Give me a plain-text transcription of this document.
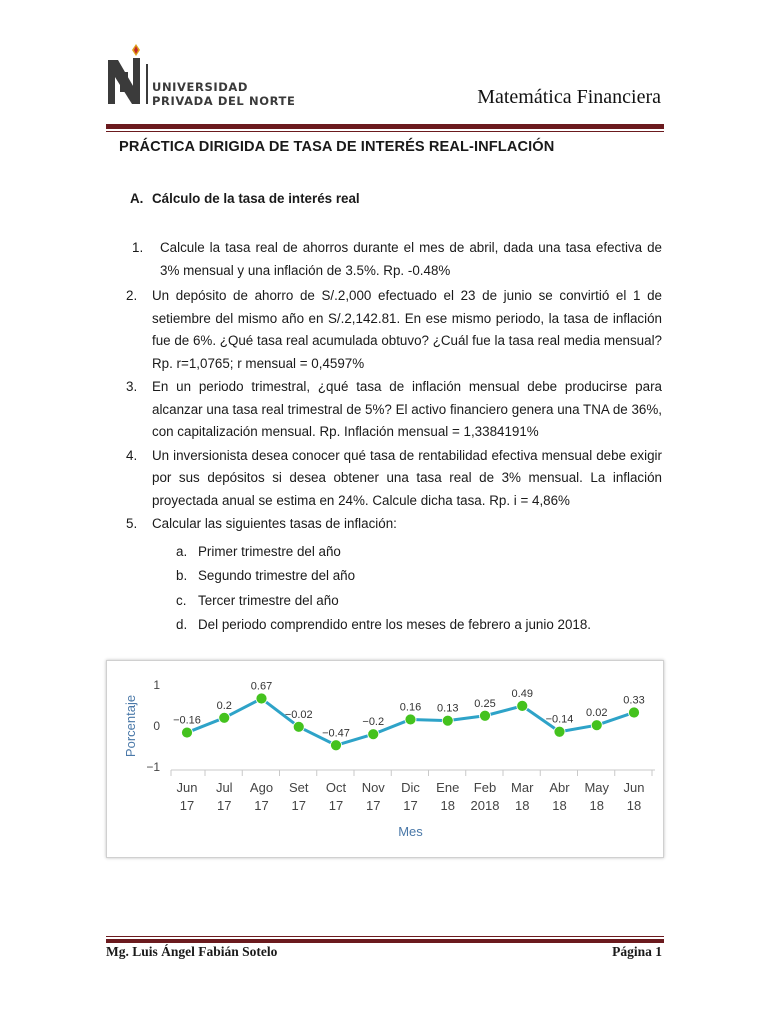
UNIVERSIDAD
PRIVADA DEL NORTE	Matemática Financiera
PRÁCTICA DIRIGIDA DE TASA DE INTERÉS REAL-INFLACIÓN
A. Cálculo de la tasa de interés real
1. Calcule la tasa real de ahorros durante el mes de abril, dada una tasa efectiva de 3% mensual y una inflación de 3.5%. Rp. -0.48%
2. Un depósito de ahorro de S/.2,000 efectuado el 23 de junio se convirtió el 1 de setiembre del mismo año en S/.2,142.81. En ese mismo periodo, la tasa de inflación fue de 6%. ¿Qué tasa real acumulada obtuvo? ¿Cuál fue la tasa real media mensual? Rp. r=1,0765; r mensual = 0,4597%
3. En un periodo trimestral, ¿qué tasa de inflación mensual debe producirse para alcanzar una tasa real trimestral de 5%? El activo financiero genera una TNA de 36%, con capitalización mensual. Rp. Inflación mensual = 1,3384191%
4. Un inversionista desea conocer qué tasa de rentabilidad efectiva mensual debe exigir por sus depósitos si desea obtener una tasa real de 3% mensual. La inflación proyectada anual se estima en 24%. Calcule dicha tasa. Rp. i = 4,86%
5. Calcular las siguientes tasas de inflación:
a. Primer trimestre del año
b. Segundo trimestre del año
c. Tercer trimestre del año
d. Del periodo comprendido entre los meses de febrero a junio 2018.
Porcentaje
1
0
−1
Jun
17
Jul
17
Ago
17
Set
17
Oct
17
Nov
17
Dic
17
Ene
18
Feb
2018
Mar
18
Abr
18
May
18
Jun
18
Mes
−0.16
0.2
0.67
−0.02
−0.47
−0.2
0.16 0.13 0.25
0.49
−0.14
0.02
0.33
Mg. Luis Ángel Fabián Sotelo	Página 1
